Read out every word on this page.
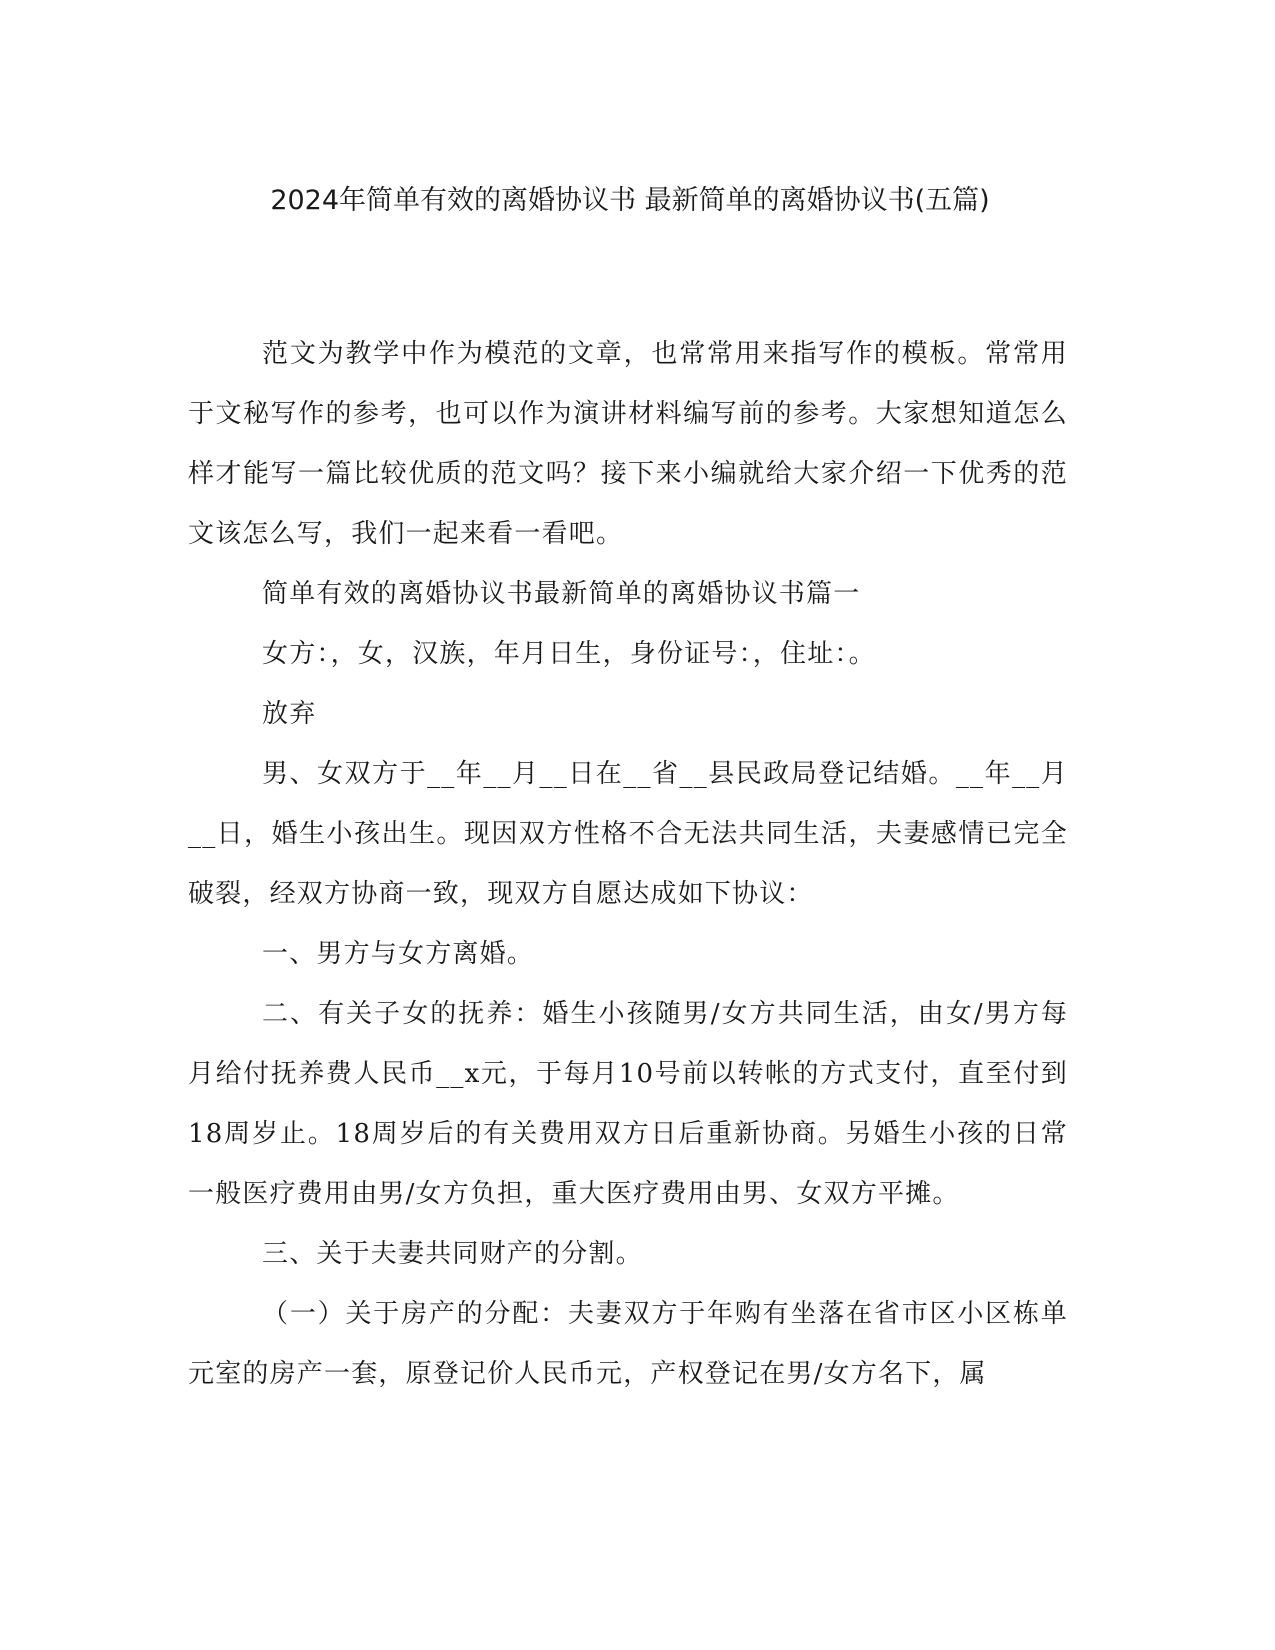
2024年简单有效的离婚协议书 最新简单的离婚协议书(五篇)

范文为教学中作为模范的文章，也常常用来指写作的模板。常常用于文秘写作的参考，也可以作为演讲材料编写前的参考。大家想知道怎么样才能写一篇比较优质的范文吗？接下来小编就给大家介绍一下优秀的范文该怎么写，我们一起来看一看吧。

简单有效的离婚协议书最新简单的离婚协议书篇一

女方：，女，汉族，年月日生，身份证号：，住址：。

放弃

男、女双方于__年__月__日在__省__县民政局登记结婚。__年__月__日，婚生小孩出生。现因双方性格不合无法共同生活，夫妻感情已完全破裂，经双方协商一致，现双方自愿达成如下协议：

一、男方与女方离婚。

二、有关子女的抚养：婚生小孩随男/女方共同生活，由女/男方每月给付抚养费人民币__x元，于每月10号前以转帐的方式支付，直至付到18周岁止。18周岁后的有关费用双方日后重新协商。另婚生小孩的日常一般医疗费用由男/女方负担，重大医疗费用由男、女双方平摊。

三、关于夫妻共同财产的分割。

（一）关于房产的分配：夫妻双方于年购有坐落在省市区小区栋单元室的房产一套，原登记价人民币元，产权登记在男/女方名下，属
